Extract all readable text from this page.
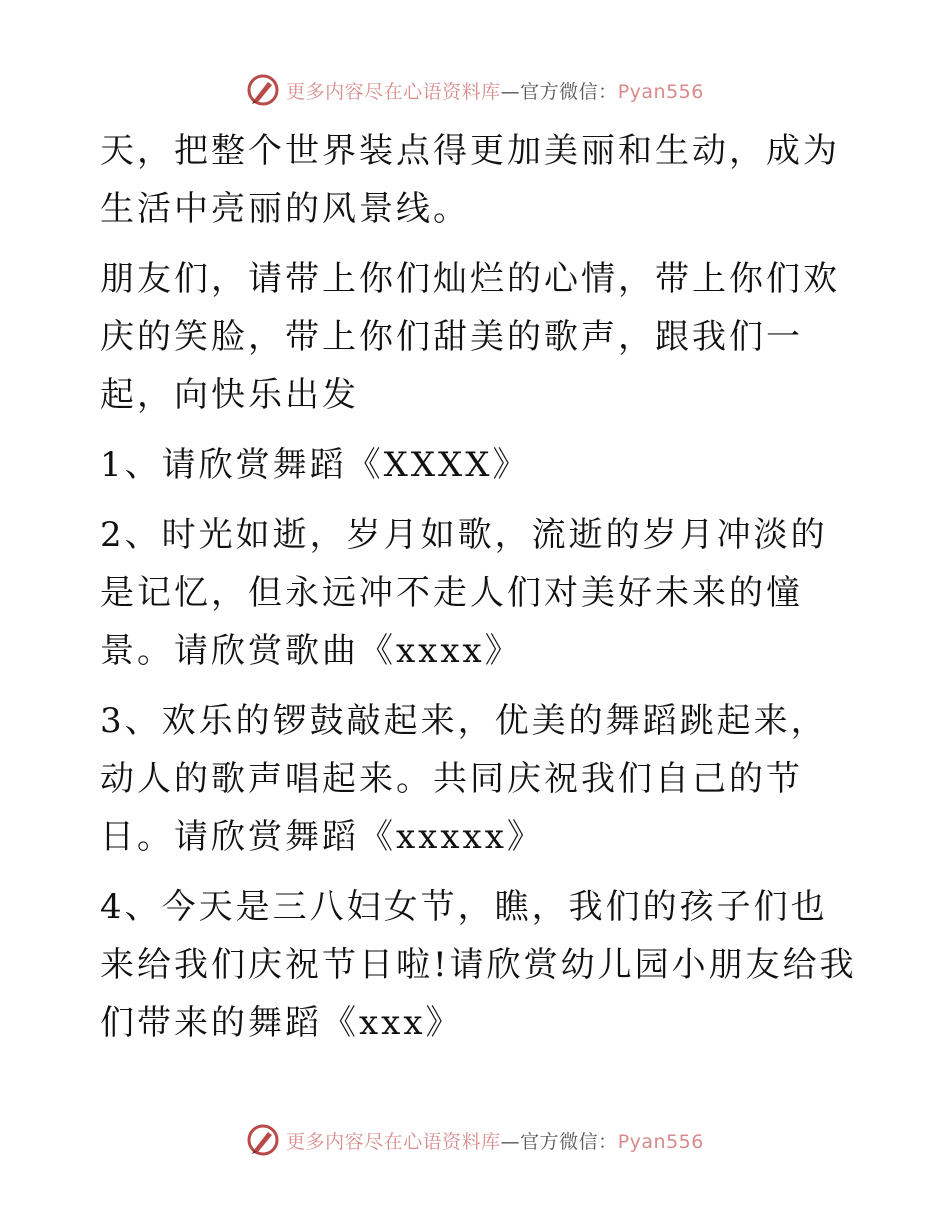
更多内容尽在心语资料库—官方微信：Pyan556

天，把整个世界装点得更加美丽和生动，成为生活中亮丽的风景线。

朋友们，请带上你们灿烂的心情，带上你们欢庆的笑脸，带上你们甜美的歌声，跟我们一起，向快乐出发

1、请欣赏舞蹈《XXXX》

2、时光如逝，岁月如歌，流逝的岁月冲淡的是记忆，但永远冲不走人们对美好未来的憧景。请欣赏歌曲《xxxx》

3、欢乐的锣鼓敲起来，优美的舞蹈跳起来，动人的歌声唱起来。共同庆祝我们自己的节日。请欣赏舞蹈《xxxxx》

4、今天是三八妇女节，瞧，我们的孩子们也来给我们庆祝节日啦!请欣赏幼儿园小朋友给我们带来的舞蹈《xxx》

更多内容尽在心语资料库—官方微信：Pyan556
